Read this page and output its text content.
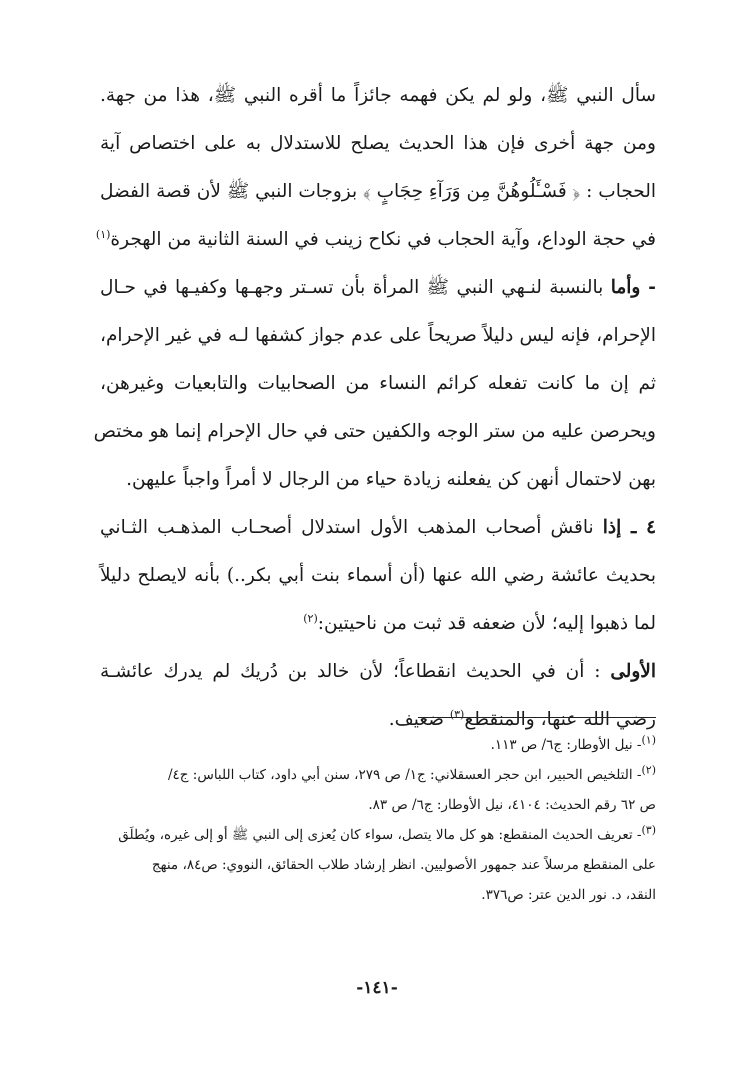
سأل النبي ﷺ، ولو لم يكن فهمه جائزاً ما أقره النبي ﷺ، هذا من جهة.
ومن جهة أخرى فإن هذا الحديث يصلح للاستدلال به على اختصاص آية
الحجاب : ﴿ فَسْـَٔلُوهُنَّ مِن وَرَآءِ حِجَابٍ ﴾ بزوجات النبي ﷺ لأن قصة الفضل
في حجة الوداع، وآية الحجاب في نكاح زينب في السنة الثانية من الهجرة$^{(١)}$
- وأما بالنسبة لنـهي النبي ﷺ المرأة بأن تسـتر وجهـها وكفيـها في حـال
الإحرام، فإنه ليس دليلاً صريحاً على عدم جواز كشفها لـه في غير الإحرام،
ثم إن ما كانت تفعله كرائم النساء من الصحابيات والتابعيات وغيرهن،
ويحرصن عليه من ستر الوجه والكفين حتى في حال الإحرام إنما هو مختص
بهن لاحتمال أنهن كن يفعلنه زيادة حياء من الرجال لا أمراً واجباً عليهن.
٤ ـ إذا ناقش أصحاب المذهب الأول استدلال أصحـاب المذهـب الثـاني
بحديث عائشة رضي الله عنها (أن أسماء بنت أبي بكر..) بأنه لايصلح دليلاً
لما ذهبوا إليه؛ لأن ضعفه قد ثبت من ناحيتين:$^{(٢)}$
الأولى : أن في الحديث انقطاعاً؛ لأن خالد بن دُريك لم يدرك عائشـة
رضي الله عنها، والمنقطع$^{(٣)}$ ضعيف.
$^{(١)}$- نيل الأوطار: ج٦/ ص ١١٣.
$^{(٢)}$- التلخيص الحبير، ابن حجر العسقلاني: ج١/ ص ٢٧٩، سنن أبي داود، كتاب اللباس: ج٤/
ص ٦٢ رقم الحديث: ٤١٠٤، نيل الأوطار: ج٦/ ص ٨٣.
$^{(٣)}$- تعريف الحديث المنقطع: هو كل مالا يتصل، سواء كان يُعزى إلى النبي ﷺ أو إلى غيره، ويُطلَق
على المنقطع مرسلاً عند جمهور الأصوليين. انظر إرشاد طلاب الحقائق، النووي: ص٨٤، منهج
النقد، د. نور الدين عتر: ص٣٧٦.
-١٤١-
